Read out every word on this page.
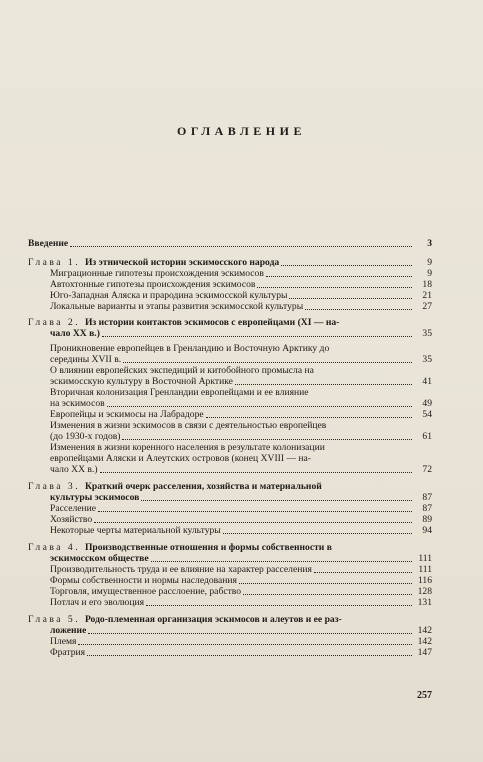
ОГЛАВЛЕНИЕ
Введение	3
Глава 1. Из этнической истории эскимосского народа	9
Миграционные гипотезы происхождения эскимосов	9
Автохтонные гипотезы происхождения эскимосов	18
Юго-Западная Аляска и прародина эскимосской культуры	21
Локальные варианты и этапы развития эскимосской культуры	27
Глава 2. Из истории контактов эскимосов с европейцами (XI — на-
чало XX в.)	35
Проникновение европейцев в Гренландию и Восточную Арктику до
середины XVII в.	35
О влиянии европейских экспедиций и китобойного промысла на
эскимосскую культуру в Восточной Арктике	41
Вторичная колонизация Гренландии европейцами и ее влияние
на эскимосов	49
Европейцы и эскимосы на Лабрадоре	54
Изменения в жизни эскимосов в связи с деятельностью европейцев
(до 1930-х годов)	61
Изменения в жизни коренного населения в результате колонизации
европейцами Аляски и Алеутских островов (конец XVIII — на-
чало XX в.)	72
Глава 3. Краткий очерк расселения, хозяйства и материальной
культуры эскимосов	87
Расселение	87
Хозяйство	89
Некоторые черты материальной культуры	94
Глава 4. Производственные отношения и формы собственности в
эскимосском обществе	111
Производительность труда и ее влияние на характер расселения	111
Формы собственности и нормы наследования	116
Торговля, имущественное расслоение, рабство	128
Потлач и его эволюция	131
Глава 5. Родо-племенная организация эскимосов и алеутов и ее раз-
ложение	142
Племя	142
Фратрия	147
257
